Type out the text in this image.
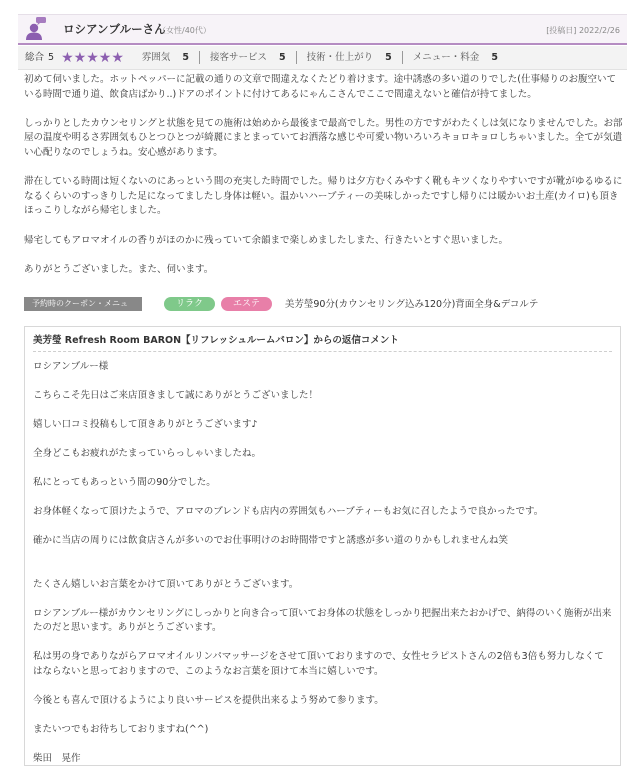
ロシアンブルーさん
（女性/40代）	[投稿日] 2022/2/26
総合 5 ★ ★ ★ ★ ★ 雰囲気 5 接客サービス 5 技術・仕上がり 5 メニュー・料金 5

初めて伺いました。ホットペッパーに記載の通りの文章で間違えなくたどり着けます。途中誘惑の多い道のりでした(仕事帰りのお腹空いている時間で通り道、飲食店ばかり..)ドアのポイントに付けてあるにゃんこさんでここで間違えないと確信が持てました。

しっかりとしたカウンセリングと状態を見ての施術は始めから最後まで最高でした。男性の方ですがわたくしは気になりませんでした。お部屋の温度や明るさ雰囲気もひとつひとつが綺麗にまとまっていてお洒落な感じや可愛い物いろいろキョロキョロしちゃいました。全てが気遣い心配りなのでしょうね。安心感があります。

滞在している時間は短くないのにあっという間の充実した時間でした。帰りは夕方むくみやすく靴もキツくなりやすいですが靴がゆるゆるになるくらいのすっきりした足になってましたし身体は軽い。温かいハーブティーの美味しかったですし帰りには暖かいお土産(カイロ)も頂きほっこりしながら帰宅しました。

帰宅してもアロマオイルの香りがほのかに残っていて余韻まで楽しめましたしまた、行きたいとすぐ思いました。

ありがとうございました。また、伺います。

予約時のクーポン・メニュー
リラク	エステ	美芳瑩90分(カウンセリング込み120分)背面全身&デコルテ
美芳瑩 Refresh Room BARON【リフレッシュルームバロン】からの返信コメント

ロシアンブルー様

こちらこそ先日はご来店頂きまして誠にありがとうございました！

嬉しい口コミ投稿もして頂きありがとうございます♪

全身どこもお疲れがたまっていらっしゃいましたね。

私にとってもあっという間の90分でした。

お身体軽くなって頂けたようで、アロマのブレンドも店内の雰囲気もハーブティーもお気に召したようで良かったです。

確かに当店の周りには飲食店さんが多いのでお仕事明けのお時間帯ですと誘惑が多い道のりかもしれませんね笑

たくさん嬉しいお言葉をかけて頂いてありがとうございます。

ロシアンブルー様がカウンセリングにしっかりと向き合って頂いてお身体の状態をしっかり把握出来たおかげで、納得のいく施術が出来たのだと思います。ありがとうございます。

私は男の身でありながらアロマオイルリンパマッサージをさせて頂いておりますので、女性セラピストさんの2倍も3倍も努力しなくてはならないと思っておりますので、このようなお言葉を頂けて本当に嬉しいです。

今後とも喜んで頂けるようにより良いサービスを提供出来るよう努めて参ります。

またいつでもお待ちしておりますね(^^)

柴田　晃作
